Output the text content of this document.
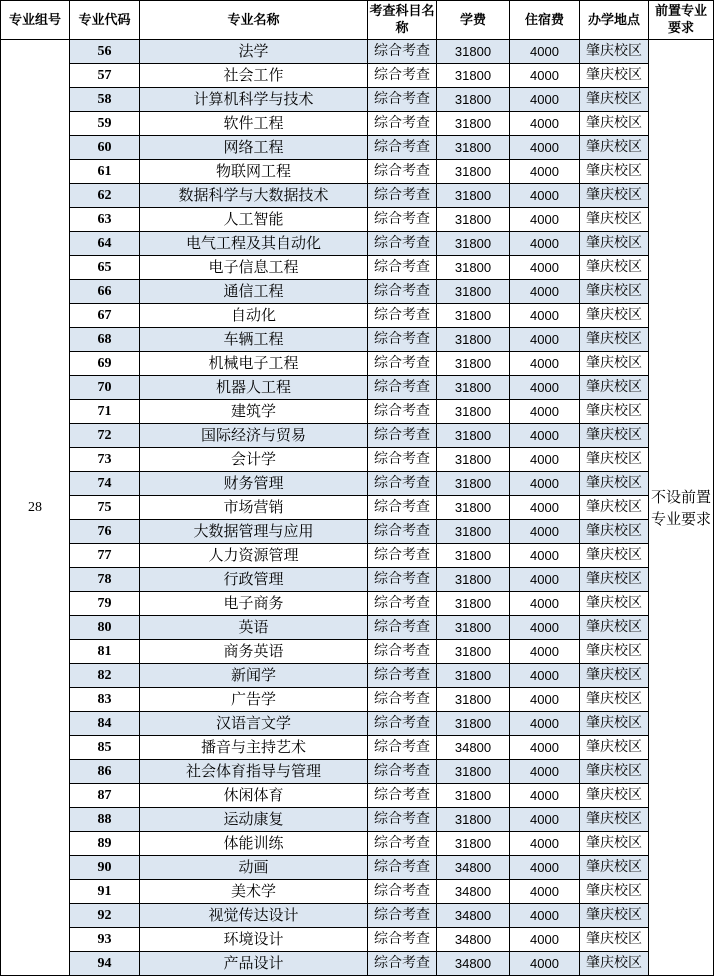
专业组号	专业代码	专业名称	考查科目名称	学费	住宿费	办学地点	前置专业要求
28	56	法学	综合考查	31800	4000	肇庆校区	不设前置专业要求
	57	社会工作	综合考查	31800	4000	肇庆校区	
	58	计算机科学与技术	综合考查	31800	4000	肇庆校区	
	59	软件工程	综合考查	31800	4000	肇庆校区	
	60	网络工程	综合考查	31800	4000	肇庆校区	
	61	物联网工程	综合考查	31800	4000	肇庆校区	
	62	数据科学与大数据技术	综合考查	31800	4000	肇庆校区	
	63	人工智能	综合考查	31800	4000	肇庆校区	
	64	电气工程及其自动化	综合考查	31800	4000	肇庆校区	
	65	电子信息工程	综合考查	31800	4000	肇庆校区	
	66	通信工程	综合考查	31800	4000	肇庆校区	
	67	自动化	综合考查	31800	4000	肇庆校区	
	68	车辆工程	综合考查	31800	4000	肇庆校区	
	69	机械电子工程	综合考查	31800	4000	肇庆校区	
	70	机器人工程	综合考查	31800	4000	肇庆校区	
	71	建筑学	综合考查	31800	4000	肇庆校区	
	72	国际经济与贸易	综合考查	31800	4000	肇庆校区	
	73	会计学	综合考查	31800	4000	肇庆校区	
	74	财务管理	综合考查	31800	4000	肇庆校区	
	75	市场营销	综合考查	31800	4000	肇庆校区	
	76	大数据管理与应用	综合考查	31800	4000	肇庆校区	
	77	人力资源管理	综合考查	31800	4000	肇庆校区	
	78	行政管理	综合考查	31800	4000	肇庆校区	
	79	电子商务	综合考查	31800	4000	肇庆校区	
	80	英语	综合考查	31800	4000	肇庆校区	
	81	商务英语	综合考查	31800	4000	肇庆校区	
	82	新闻学	综合考查	31800	4000	肇庆校区	
	83	广告学	综合考查	31800	4000	肇庆校区	
	84	汉语言文学	综合考查	31800	4000	肇庆校区	
	85	播音与主持艺术	综合考查	34800	4000	肇庆校区	
	86	社会体育指导与管理	综合考查	31800	4000	肇庆校区	
	87	休闲体育	综合考查	31800	4000	肇庆校区	
	88	运动康复	综合考查	31800	4000	肇庆校区	
	89	体能训练	综合考查	31800	4000	肇庆校区	
	90	动画	综合考查	34800	4000	肇庆校区	
	91	美术学	综合考查	34800	4000	肇庆校区	
	92	视觉传达设计	综合考查	34800	4000	肇庆校区	
	93	环境设计	综合考查	34800	4000	肇庆校区	
	94	产品设计	综合考查	34800	4000	肇庆校区	
